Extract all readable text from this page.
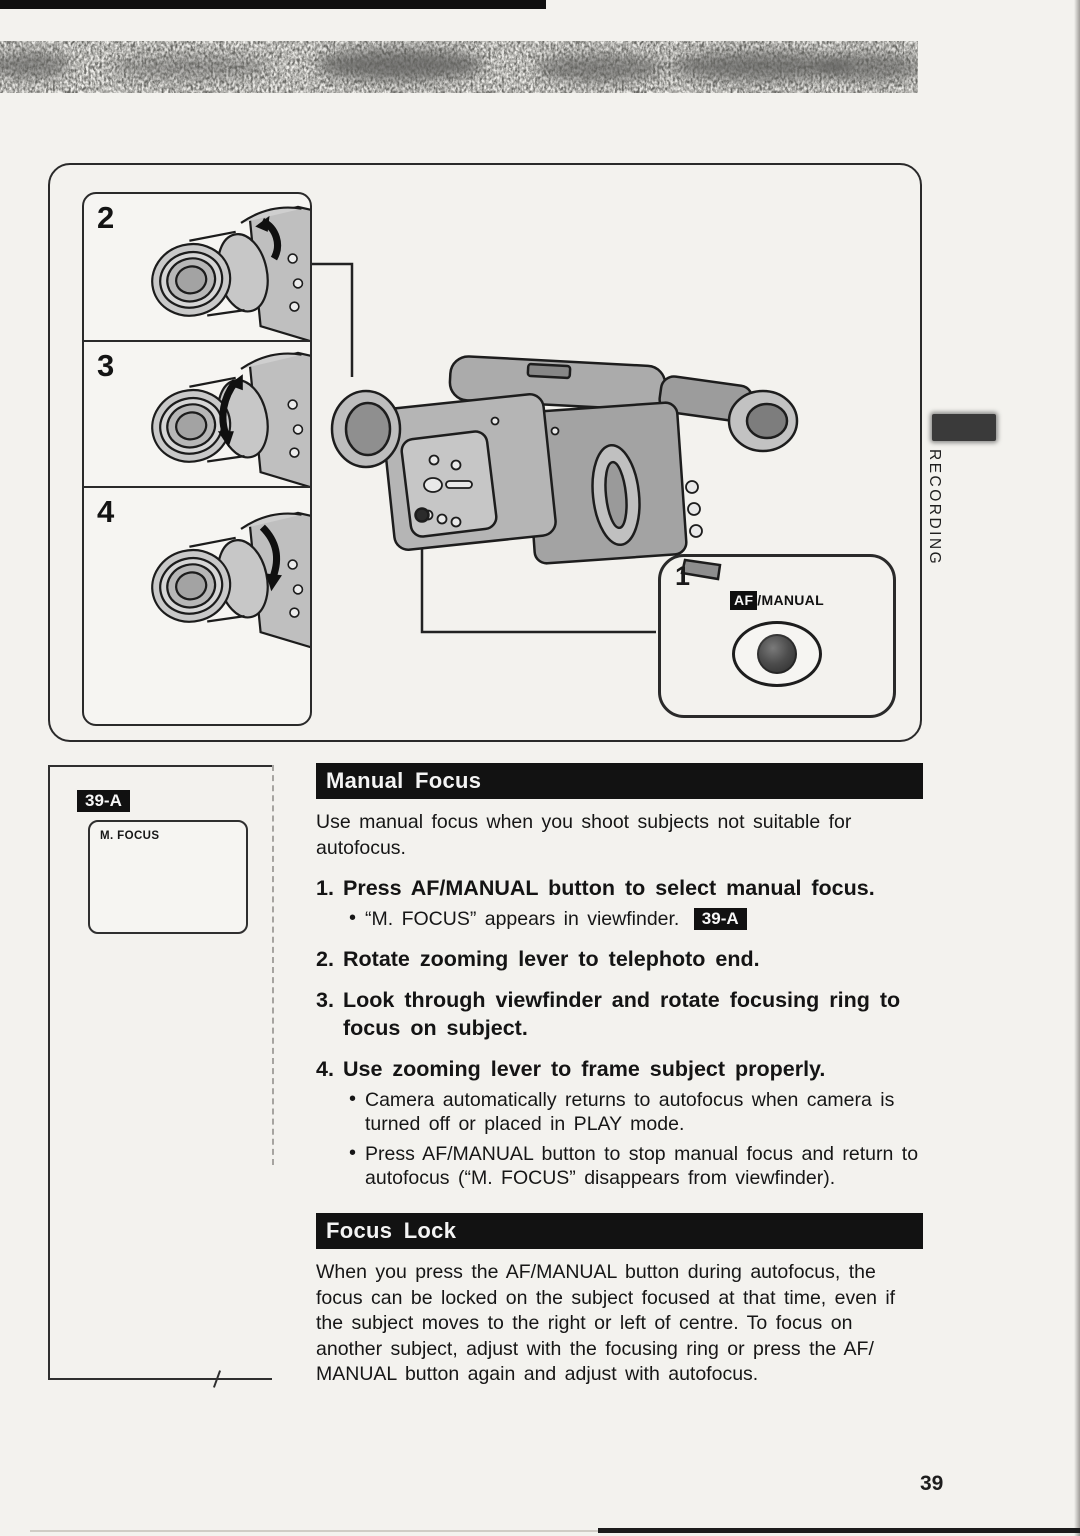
2
3
4
1
AF /MANUAL
RECORDING
39-A
M. FOCUS
Manual Focus
Use manual focus when you shoot subjects not suitable for autofocus.
1. Press AF/MANUAL button to select manual focus.
• “M. FOCUS” appears in viewfinder. 39-A
2. Rotate zooming lever to telephoto end.
3. Look through viewfinder and rotate focusing ring to focus on subject.
4. Use zooming lever to frame subject properly.
• Camera automatically returns to autofocus when camera is turned off or placed in PLAY mode.
• Press AF/MANUAL button to stop manual focus and return to autofocus (“M. FOCUS” disappears from viewfinder).
Focus Lock
When you press the AF/MANUAL button during autofocus, the focus can be locked on the subject focused at that time, even if the subject moves to the right or left of centre. To focus on another subject, adjust with the focusing ring or press the AF/ MANUAL button again and adjust with autofocus.
39
